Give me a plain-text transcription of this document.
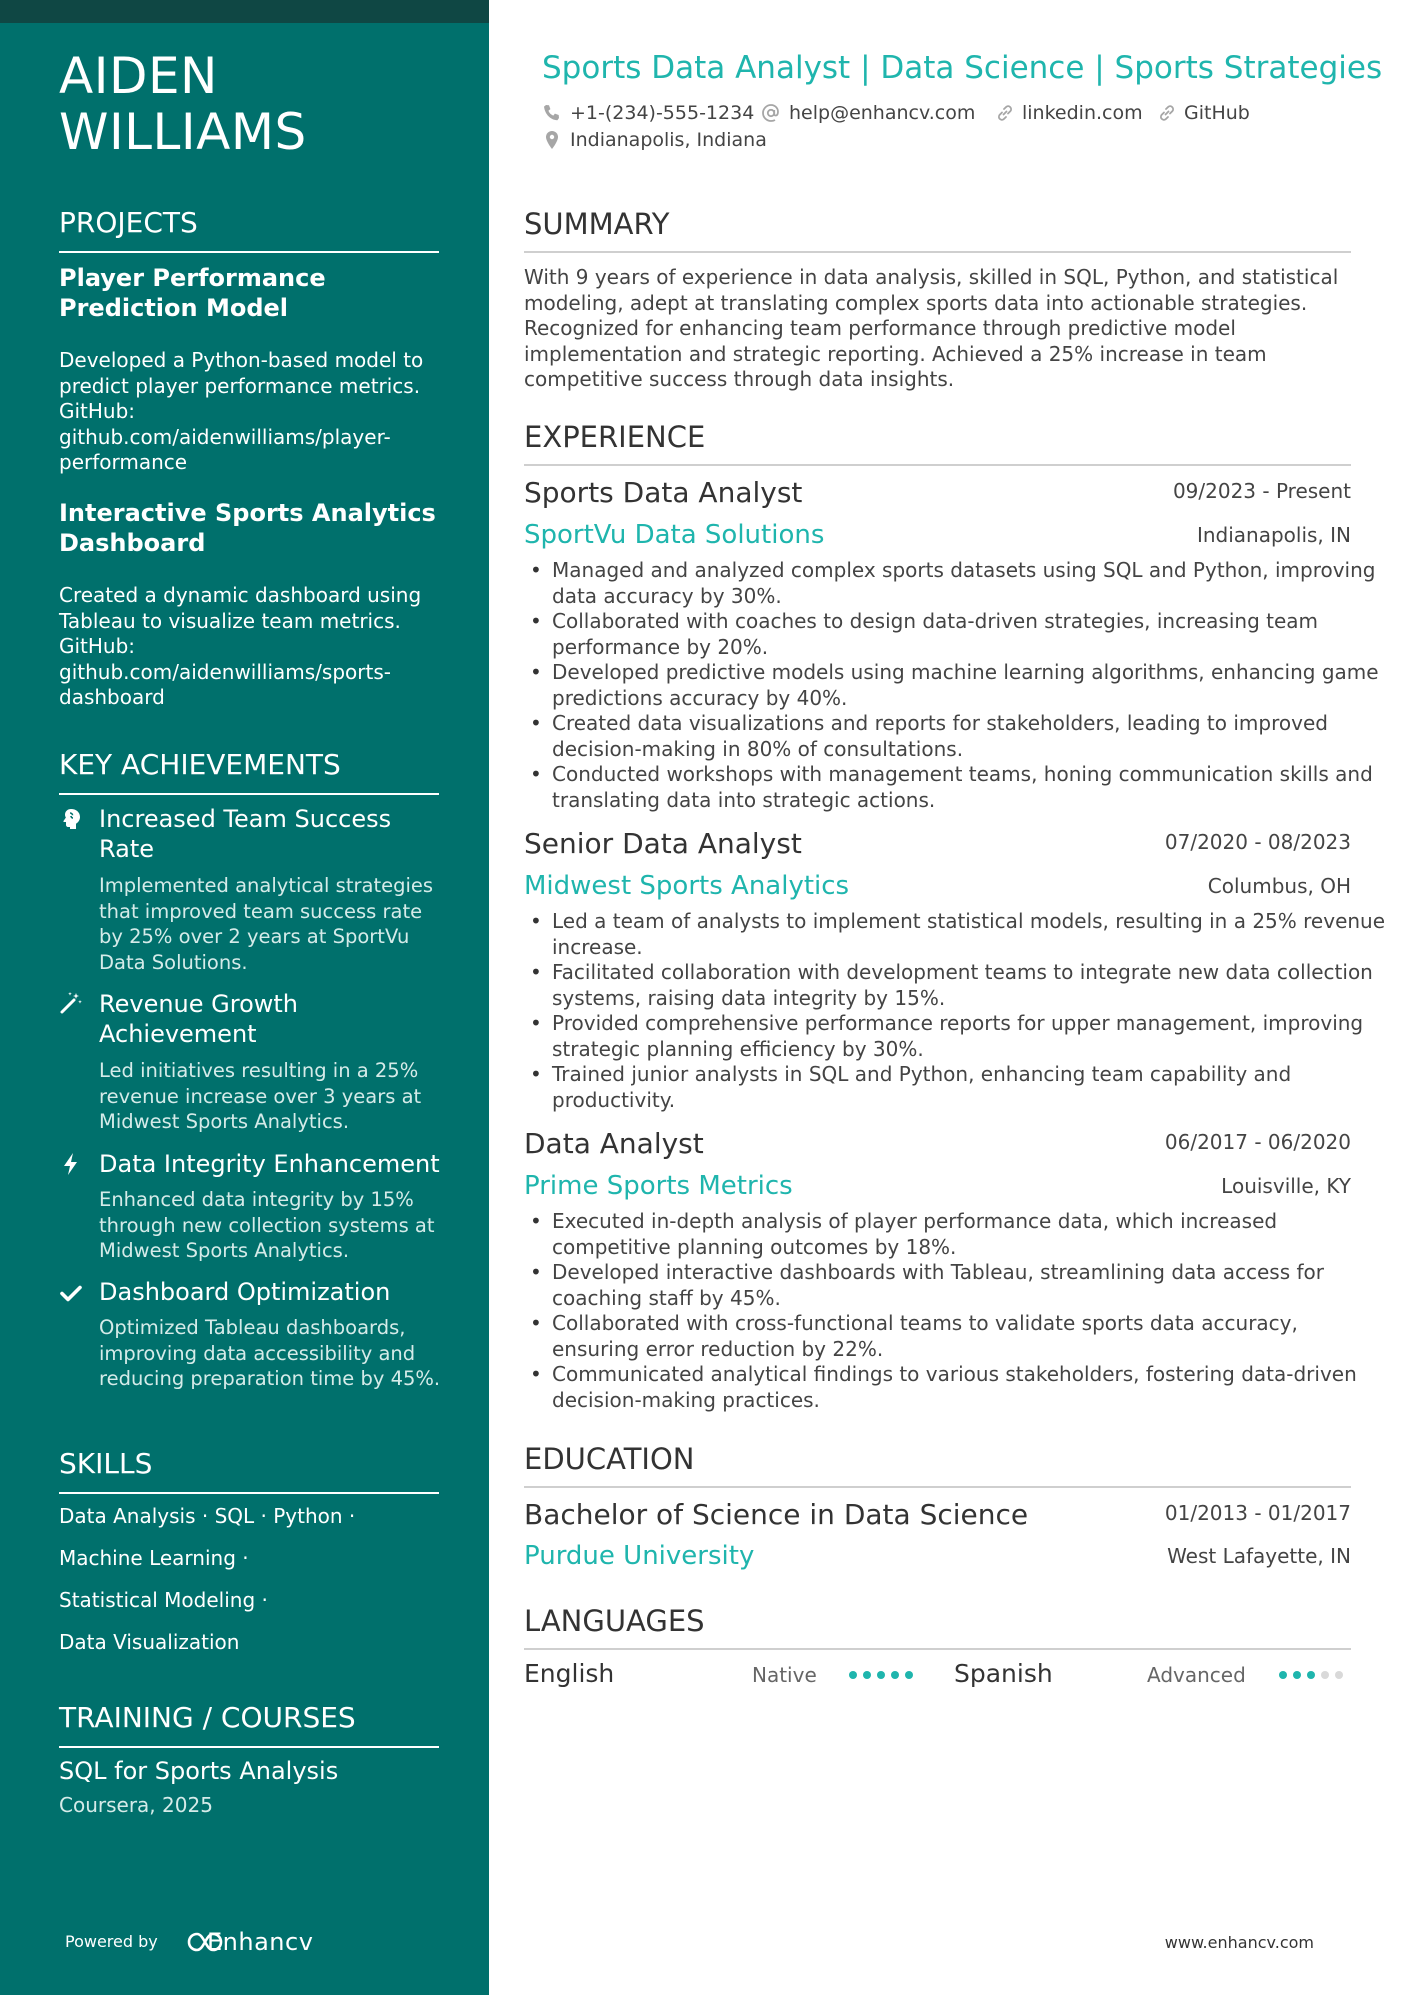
AIDEN WILLIAMS
PROJECTS
Player Performance Prediction Model
Developed a Python-based model to predict player performance metrics. GitHub: github.com/aidenwilliams/player-performance
Interactive Sports Analytics Dashboard
Created a dynamic dashboard using Tableau to visualize team metrics. GitHub: github.com/aidenwilliams/sports-dashboard
KEY ACHIEVEMENTS
Increased Team Success Rate
Implemented analytical strategies that improved team success rate by 25% over 2 years at SportVu Data Solutions.
Revenue Growth Achievement
Led initiatives resulting in a 25% revenue increase over 3 years at Midwest Sports Analytics.
Data Integrity Enhancement
Enhanced data integrity by 15% through new collection systems at Midwest Sports Analytics.
Dashboard Optimization
Optimized Tableau dashboards, improving data accessibility and reducing preparation time by 45%.
SKILLS
Data Analysis · SQL · Python ·
Machine Learning ·
Statistical Modeling ·
Data Visualization
TRAINING / COURSES
SQL for Sports Analysis
Coursera, 2025
Powered by Enhancv
Sports Data Analyst | Data Science | Sports Strategies
+1-(234)-555-1234 help@enhancv.com linkedin.com GitHub
Indianapolis, Indiana
SUMMARY
With 9 years of experience in data analysis, skilled in SQL, Python, and statistical modeling, adept at translating complex sports data into actionable strategies. Recognized for enhancing team performance through predictive model implementation and strategic reporting. Achieved a 25% increase in team competitive success through data insights.
EXPERIENCE
Sports Data Analyst	09/2023 - Present
SportVu Data Solutions	Indianapolis, IN
• Managed and analyzed complex sports datasets using SQL and Python, improving data accuracy by 30%.
• Collaborated with coaches to design data-driven strategies, increasing team performance by 20%.
• Developed predictive models using machine learning algorithms, enhancing game predictions accuracy by 40%.
• Created data visualizations and reports for stakeholders, leading to improved decision-making in 80% of consultations.
• Conducted workshops with management teams, honing communication skills and translating data into strategic actions.
Senior Data Analyst	07/2020 - 08/2023
Midwest Sports Analytics	Columbus, OH
• Led a team of analysts to implement statistical models, resulting in a 25% revenue increase.
• Facilitated collaboration with development teams to integrate new data collection systems, raising data integrity by 15%.
• Provided comprehensive performance reports for upper management, improving strategic planning efficiency by 30%.
• Trained junior analysts in SQL and Python, enhancing team capability and productivity.
Data Analyst	06/2017 - 06/2020
Prime Sports Metrics	Louisville, KY
• Executed in-depth analysis of player performance data, which increased competitive planning outcomes by 18%.
• Developed interactive dashboards with Tableau, streamlining data access for coaching staff by 45%.
• Collaborated with cross-functional teams to validate sports data accuracy, ensuring error reduction by 22%.
• Communicated analytical findings to various stakeholders, fostering data-driven decision-making practices.
EDUCATION
Bachelor of Science in Data Science	01/2013 - 01/2017
Purdue University	West Lafayette, IN
LANGUAGES
English	Native	Spanish	Advanced
www.enhancv.com
